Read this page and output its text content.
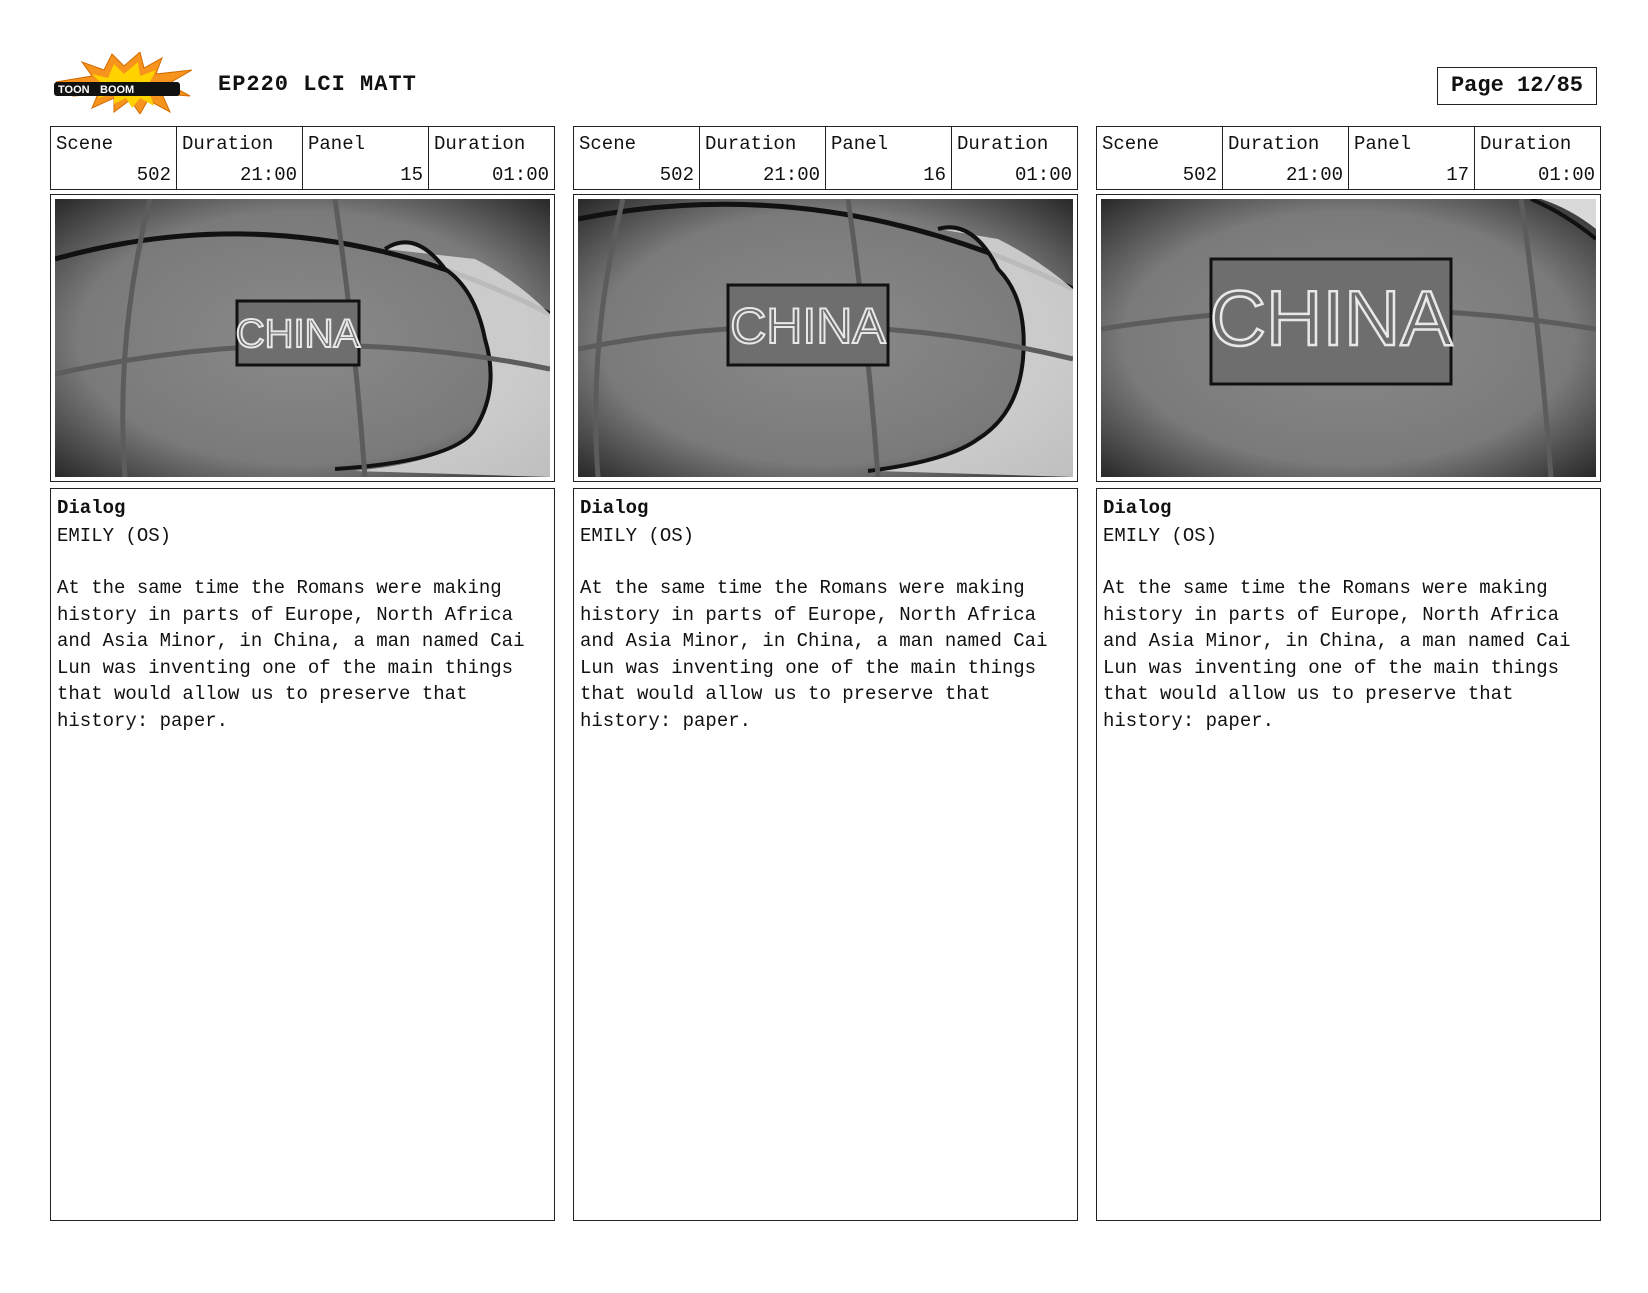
TOON BOOM	EP220 LCI MATT	Page 12/85
Scene
502
Duration
21:00
Panel
15
Duration
01:00
CHINA

Dialog

EMILY (OS)

At the same time the Romans were making history in parts of Europe, North Africa and Asia Minor, in China, a man named Cai Lun was inventing one of the main things that would allow us to preserve that history: paper.

Scene
502
Duration
21:00
Panel
16
Duration
01:00
CHINA

Dialog

EMILY (OS)

At the same time the Romans were making history in parts of Europe, North Africa and Asia Minor, in China, a man named Cai Lun was inventing one of the main things that would allow us to preserve that history: paper.

Scene
502
Duration
21:00
Panel
17
Duration
01:00
CHINA

Dialog

EMILY (OS)

At the same time the Romans were making history in parts of Europe, North Africa and Asia Minor, in China, a man named Cai Lun was inventing one of the main things that would allow us to preserve that history: paper.
